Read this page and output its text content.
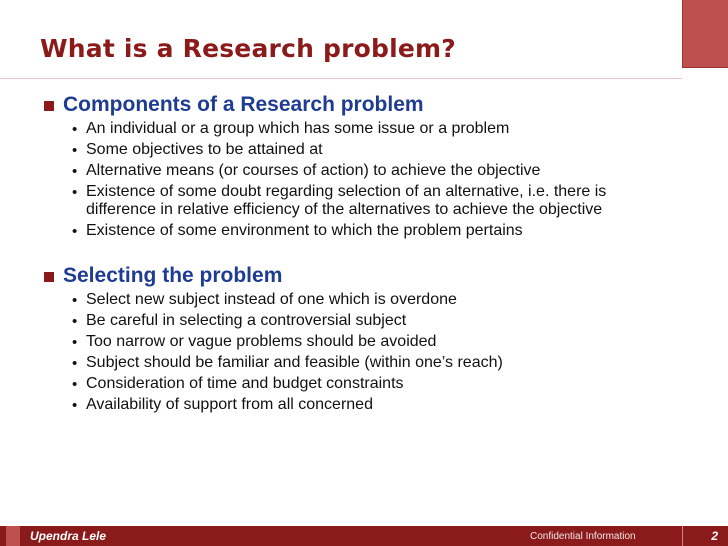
What is a Research problem?
Components of a Research problem
• An individual or a group which has some issue or a problem
• Some objectives to be attained at
• Alternative means (or courses of action) to achieve the objective
• Existence of some doubt regarding selection of an alternative, i.e. there is
difference in relative efficiency of the alternatives to achieve the objective
• Existence of some environment to which the problem pertains
Selecting the problem
• Select new subject instead of one which is overdone
• Be careful in selecting a controversial subject
• Too narrow or vague problems should be avoided
• Subject should be familiar and feasible (within one’s reach)
• Consideration of time and budget constraints
• Availability of support from all concerned
Upendra Lele	Confidential Information	2
